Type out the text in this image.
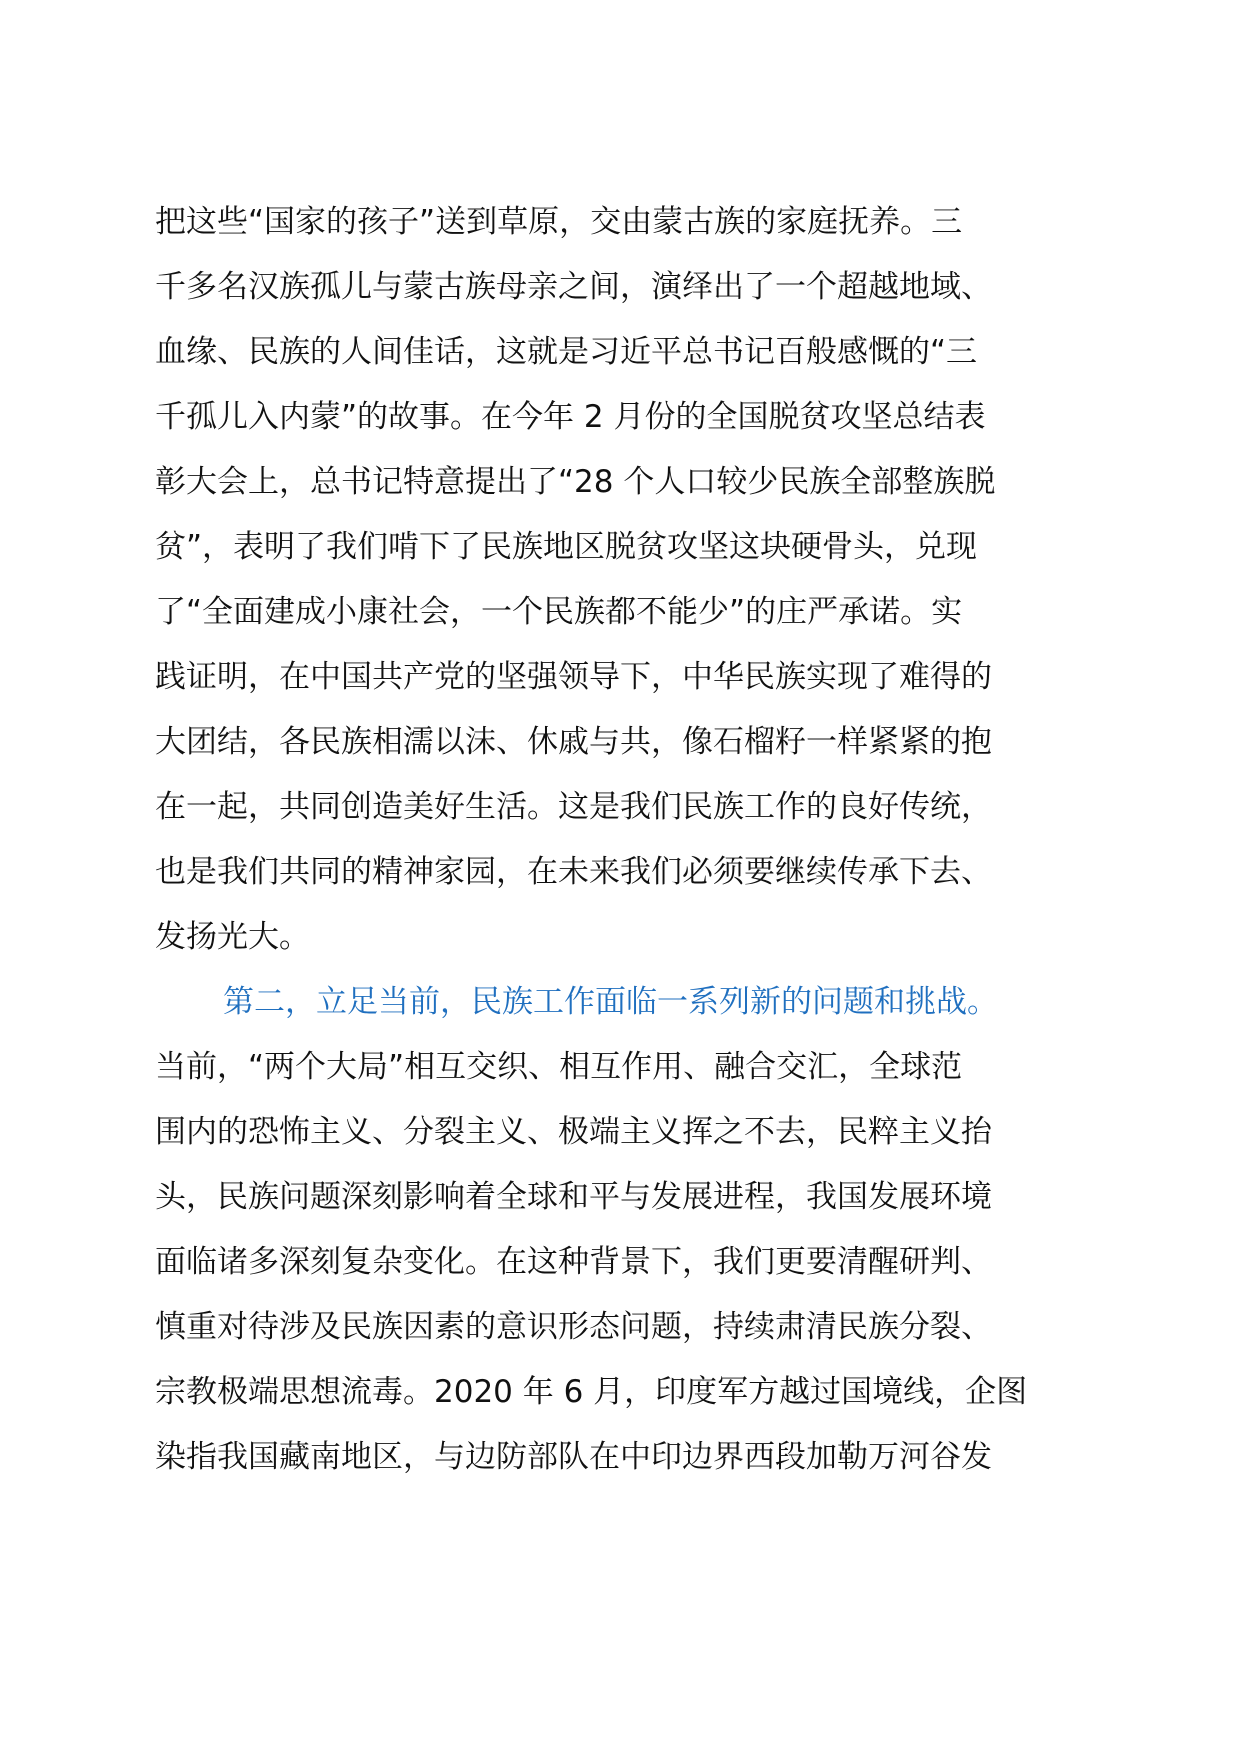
把这些“国家的孩子”送到草原，交由蒙古族的家庭抚养。三
千多名汉族孤儿与蒙古族母亲之间，演绎出了一个超越地域、
血缘、民族的人间佳话，这就是习近平总书记百般感慨的“三
千孤儿入内蒙”的故事。在今年 2 月份的全国脱贫攻坚总结表
彰大会上，总书记特意提出了“28 个人口较少民族全部整族脱
贫”，表明了我们啃下了民族地区脱贫攻坚这块硬骨头，兑现
了“全面建成小康社会，一个民族都不能少”的庄严承诺。实
践证明，在中国共产党的坚强领导下，中华民族实现了难得的
大团结，各民族相濡以沫、休戚与共，像石榴籽一样紧紧的抱
在一起，共同创造美好生活。这是我们民族工作的良好传统，
也是我们共同的精神家园，在未来我们必须要继续传承下去、
发扬光大。
第二，立足当前，民族工作面临一系列新的问题和挑战。
当前，“两个大局”相互交织、相互作用、融合交汇，全球范
围内的恐怖主义、分裂主义、极端主义挥之不去，民粹主义抬
头，民族问题深刻影响着全球和平与发展进程，我国发展环境
面临诸多深刻复杂变化。在这种背景下，我们更要清醒研判、
慎重对待涉及民族因素的意识形态问题，持续肃清民族分裂、
宗教极端思想流毒。2020 年 6 月，印度军方越过国境线，企图
染指我国藏南地区，与边防部队在中印边界西段加勒万河谷发
